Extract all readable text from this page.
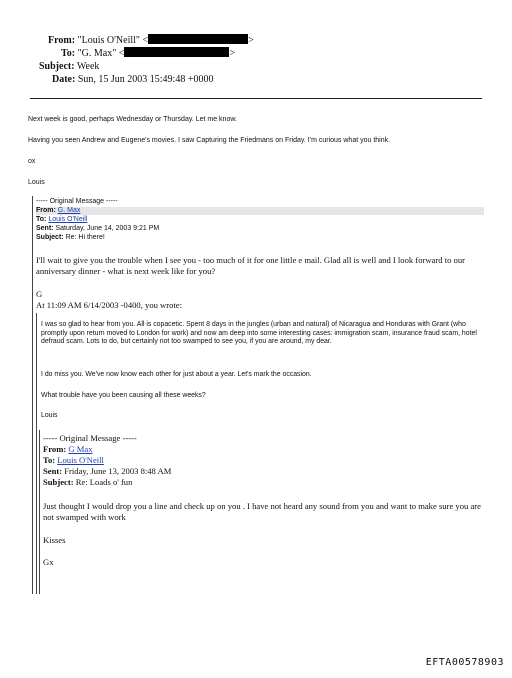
From: "Louis O'Neill" <	>
To: "G. Max" <	>
Subject: Week
Date: Sun, 15 Jun 2003 15:49:48 +0000
Next week is good, perhaps Wednesday or Thursday. Let me know.
Having you seen Andrew and Eugene's movies. I saw Capturing the Friedmans on Friday. I'm curious what you think.
ox
Louis
----- Original Message -----
From: G. Max
To: Louis O'Neill
Sent: Saturday, June 14, 2003 9:21 PM
Subject: Re: Hi there!
I'll wait to give you the trouble when I see you - too much of it for one little e mail. Glad all is well and I look forward to our anniversary dinner - what is next week like for you?
G
At 11:09 AM 6/14/2003 -0400, you wrote:
I was so glad to hear from you. All is copacetic. Spent 8 days in the jungles (urban and natural) of Nicaragua and Honduras with Grant (who promptly upon return moved to London for work) and now am deep into some interesting cases: immigration scam, insurance fraud scam, hotel defraud scam. Lots to do, but certainly not too swamped to see you, if you are around, my dear.
I do miss you. We've now know each other for just about a year. Let's mark the occasion.
What trouble have you been causing all these weeks?
Louis
----- Original Message -----
From: G Max
To: Louis O'Neill
Sent: Friday, June 13, 2003 8:48 AM
Subject: Re: Loads o' fun
Just thought I would drop you a line and check up on you . I have not heard any sound from you and want to make sure you are not swamped with work
Kisses
Gx
EFTA00578903
